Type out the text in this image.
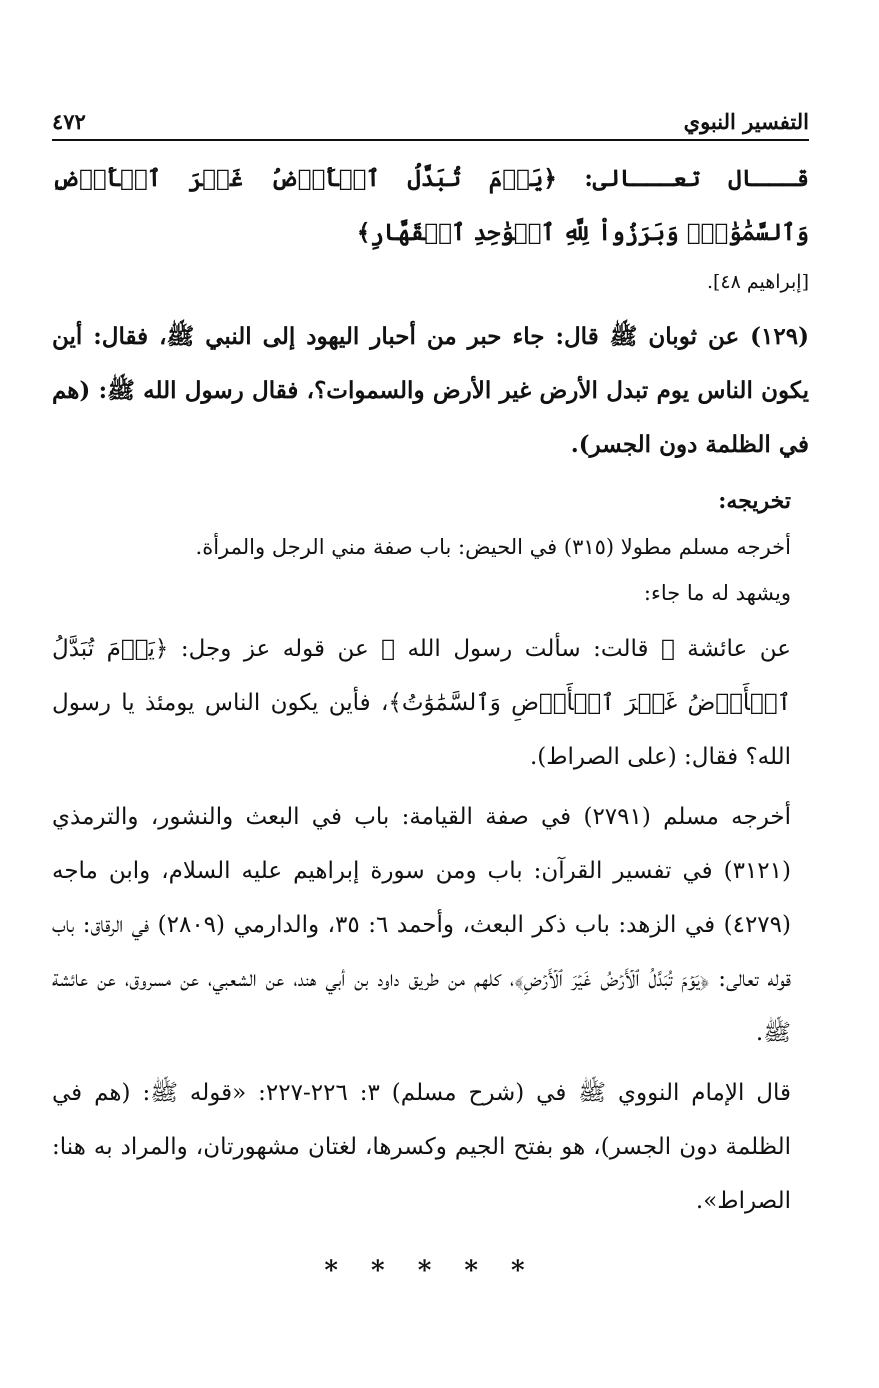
التفسير النبوي
٤٧٢

قـــال تعـــالى: ﴿يَوۡمَ تُبَدَّلُ ٱلۡأَرۡضُ غَيۡرَ ٱلۡأَرۡضِ وَٱلسَّمَٰوَٰتُۖ وَبَرَزُواْ لِلَّهِ ٱلۡوَٰحِدِ ٱلۡقَهَّارِ﴾

[إبراهيم ٤٨].

(١٢٩) عن ثوبان ﷺ قال: جاء حبر من أحبار اليهود إلى النبي ﷺ، فقال: أين يكون الناس يوم تبدل الأرض غير الأرض والسموات؟، فقال رسول الله ﷺ: (هم في الظلمة دون الجسر).

تخريجه:

أخرجه مسلم مطولا (٣١٥) في الحيض: باب صفة مني الرجل والمرأة.

ويشهد له ما جاء:

عن عائشة ﷺ قالت: سألت رسول الله ﷺ عن قوله عز وجل: ﴿يَوۡمَ تُبَدَّلُ ٱلۡأَرۡضُ غَيۡرَ ٱلۡأَرۡضِ وَٱلسَّمَٰوَٰتُ﴾، فأين يكون الناس يومئذ يا رسول الله؟ فقال: (على الصراط).

أخرجه مسلم (٢٧٩١) في صفة القيامة: باب في البعث والنشور، والترمذي (٣١٢١) في تفسير القرآن: باب ومن سورة إبراهيم عليه السلام، وابن ماجه (٤٢٧٩) في الزهد: باب ذكر البعث، وأحمد ٦: ٣٥، والدارمي (٢٨٠٩) في الرقاق: باب قوله تعالى: ﴿يَوۡمَ تُبَدَّلُ ٱلۡأَرۡضُ غَيۡرَ ٱلۡأَرۡضِ﴾، كلهم من طريق داود بن أبي هند، عن الشعبي، عن مسروق، عن عائشة ﷺ.

قال الإمام النووي ﷺ في (شرح مسلم) ٣: ٢٢٦-٢٢٧: «قوله ﷺ: (هم في الظلمة دون الجسر)، هو بفتح الجيم وكسرها، لغتان مشهورتان، والمراد به هنا: الصراط».

* * * * *
